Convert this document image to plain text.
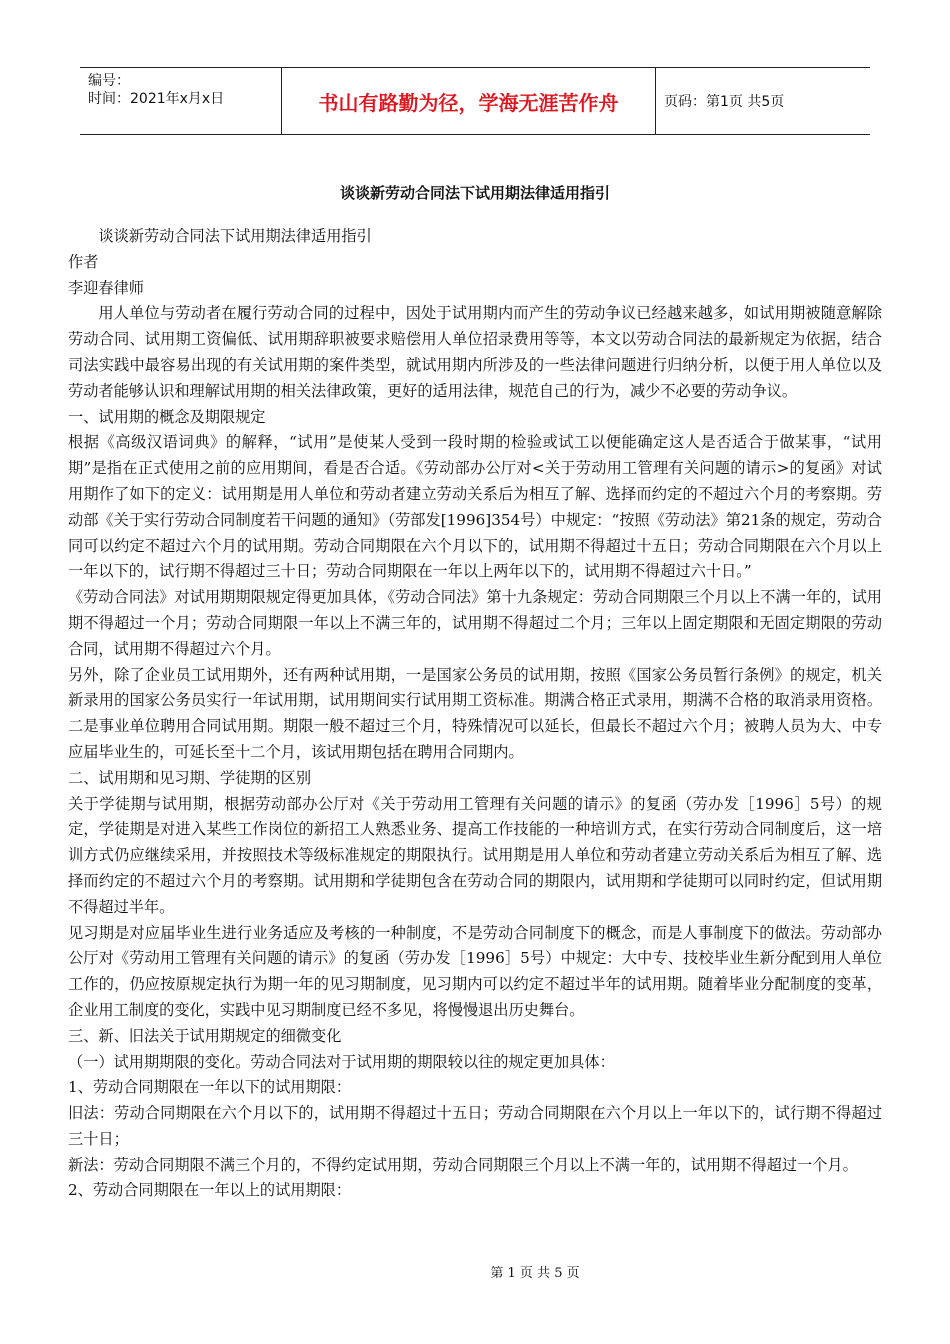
编号：
时间：2021年x月x日	书山有路勤为径，学海无涯苦作舟	页码：第1页 共5页
谈谈新劳动合同法下试用期法律适用指引

谈谈新劳动合同法下试用期法律适用指引

作者

李迎春律师

用人单位与劳动者在履行劳动合同的过程中，因处于试用期内而产生的劳动争议已经越来越多，如试用期被随意解除劳动合同、试用期工资偏低、试用期辞职被要求赔偿用人单位招录费用等等，本文以劳动合同法的最新规定为依据，结合司法实践中最容易出现的有关试用期的案件类型，就试用期内所涉及的一些法律问题进行归纳分析，以便于用人单位以及劳动者能够认识和理解试用期的相关法律政策，更好的适用法律，规范自己的行为，减少不必要的劳动争议。

一、试用期的概念及期限规定

根据《高级汉语词典》的解释，“试用”是使某人受到一段时期的检验或试工以便能确定这人是否适合于做某事，“试用期”是指在正式使用之前的应用期间，看是否合适。《劳动部办公厅对<关于劳动用工管理有关问题的请示>的复函》对试用期作了如下的定义：试用期是用人单位和劳动者建立劳动关系后为相互了解、选择而约定的不超过六个月的考察期。劳动部《关于实行劳动合同制度若干问题的通知》（劳部发[1996]354号）中规定：“按照《劳动法》第21条的规定，劳动合同可以约定不超过六个月的试用期。劳动合同期限在六个月以下的，试用期不得超过十五日；劳动合同期限在六个月以上一年以下的，试行期不得超过三十日；劳动合同期限在一年以上两年以下的，试用期不得超过六十日。”

《劳动合同法》对试用期期限规定得更加具体，《劳动合同法》第十九条规定：劳动合同期限三个月以上不满一年的，试用期不得超过一个月；劳动合同期限一年以上不满三年的，试用期不得超过二个月；三年以上固定期限和无固定期限的劳动合同，试用期不得超过六个月。

另外，除了企业员工试用期外，还有两种试用期，一是国家公务员的试用期，按照《国家公务员暂行条例》的规定，机关新录用的国家公务员实行一年试用期，试用期间实行试用期工资标准。期满合格正式录用，期满不合格的取消录用资格。二是事业单位聘用合同试用期。期限一般不超过三个月，特殊情况可以延长，但最长不超过六个月；被聘人员为大、中专应届毕业生的，可延长至十二个月，该试用期包括在聘用合同期内。

二、试用期和见习期、学徒期的区别

关于学徒期与试用期，根据劳动部办公厅对《关于劳动用工管理有关问题的请示》的复函（劳办发［1996］5号）的规定，学徒期是对进入某些工作岗位的新招工人熟悉业务、提高工作技能的一种培训方式，在实行劳动合同制度后，这一培训方式仍应继续采用，并按照技术等级标准规定的期限执行。试用期是用人单位和劳动者建立劳动关系后为相互了解、选择而约定的不超过六个月的考察期。试用期和学徒期包含在劳动合同的期限内，试用期和学徒期可以同时约定，但试用期不得超过半年。

见习期是对应届毕业生进行业务适应及考核的一种制度，不是劳动合同制度下的概念，而是人事制度下的做法。劳动部办公厅对《劳动用工管理有关问题的请示》的复函（劳办发［1996］5号）中规定：大中专、技校毕业生新分配到用人单位工作的，仍应按原规定执行为期一年的见习期制度，见习期内可以约定不超过半年的试用期。随着毕业分配制度的变革，企业用工制度的变化，实践中见习期制度已经不多见，将慢慢退出历史舞台。

三、新、旧法关于试用期规定的细微变化

（一）试用期期限的变化。劳动合同法对于试用期的期限较以往的规定更加具体：

1、劳动合同期限在一年以下的试用期限：

旧法：劳动合同期限在六个月以下的，试用期不得超过十五日；劳动合同期限在六个月以上一年以下的，试行期不得超过三十日；

新法：劳动合同期限不满三个月的，不得约定试用期，劳动合同期限三个月以上不满一年的，试用期不得超过一个月。

2、劳动合同期限在一年以上的试用期限：

第 1 页 共 5 页
